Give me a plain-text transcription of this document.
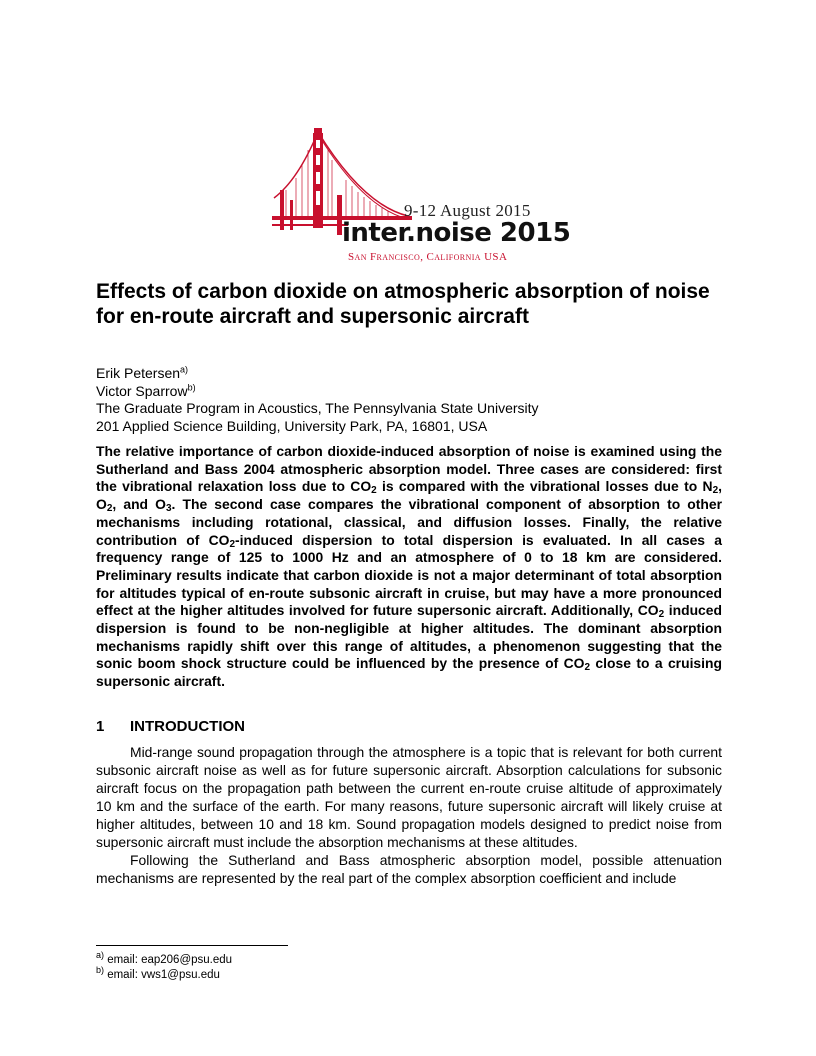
9-12 August 2015
inter.noise 2015
San Francisco, California USA
Effects of carbon dioxide on atmospheric absorption of noise for en-route aircraft and supersonic aircraft
Erik Petersen$^{a)}$
Victor Sparrow$^{b)}$
The Graduate Program in Acoustics, The Pennsylvania State University
201 Applied Science Building, University Park, PA, 16801, USA

The relative importance of carbon dioxide-induced absorption of noise is examined using the Sutherland and Bass 2004 atmospheric absorption model. Three cases are considered: first the vibrational relaxation loss due to $CO_2$ is compared with the vibrational losses due to $N_2$, $O_2$, and $O_3$. The second case compares the vibrational component of absorption to other mechanisms including rotational, classical, and diffusion losses. Finally, the relative contribution of $CO_2$-induced dispersion to total dispersion is evaluated. In all cases a frequency range of 125 to 1000 Hz and an atmosphere of 0 to 18 km are considered. Preliminary results indicate that carbon dioxide is not a major determinant of total absorption for altitudes typical of en-route subsonic aircraft in cruise, but may have a more pronounced effect at the higher altitudes involved for future supersonic aircraft. Additionally, $CO_2$ induced dispersion is found to be non-negligible at higher altitudes. The dominant absorption mechanisms rapidly shift over this range of altitudes, a phenomenon suggesting that the sonic boom shock structure could be influenced by the presence of $CO_2$ close to a cruising supersonic aircraft.

1 INTRODUCTION

Mid-range sound propagation through the atmosphere is a topic that is relevant for both current subsonic aircraft noise as well as for future supersonic aircraft. Absorption calculations for subsonic aircraft focus on the propagation path between the current en-route cruise altitude of approximately 10 km and the surface of the earth. For many reasons, future supersonic aircraft will likely cruise at higher altitudes, between 10 and 18 km. Sound propagation models designed to predict noise from supersonic aircraft must include the absorption mechanisms at these altitudes.

Following the Sutherland and Bass atmospheric absorption model, possible attenuation mechanisms are represented by the real part of the complex absorption coefficient and include

$^{a)}$ email: eap206@psu.edu
$^{b)}$ email: vws1@psu.edu
